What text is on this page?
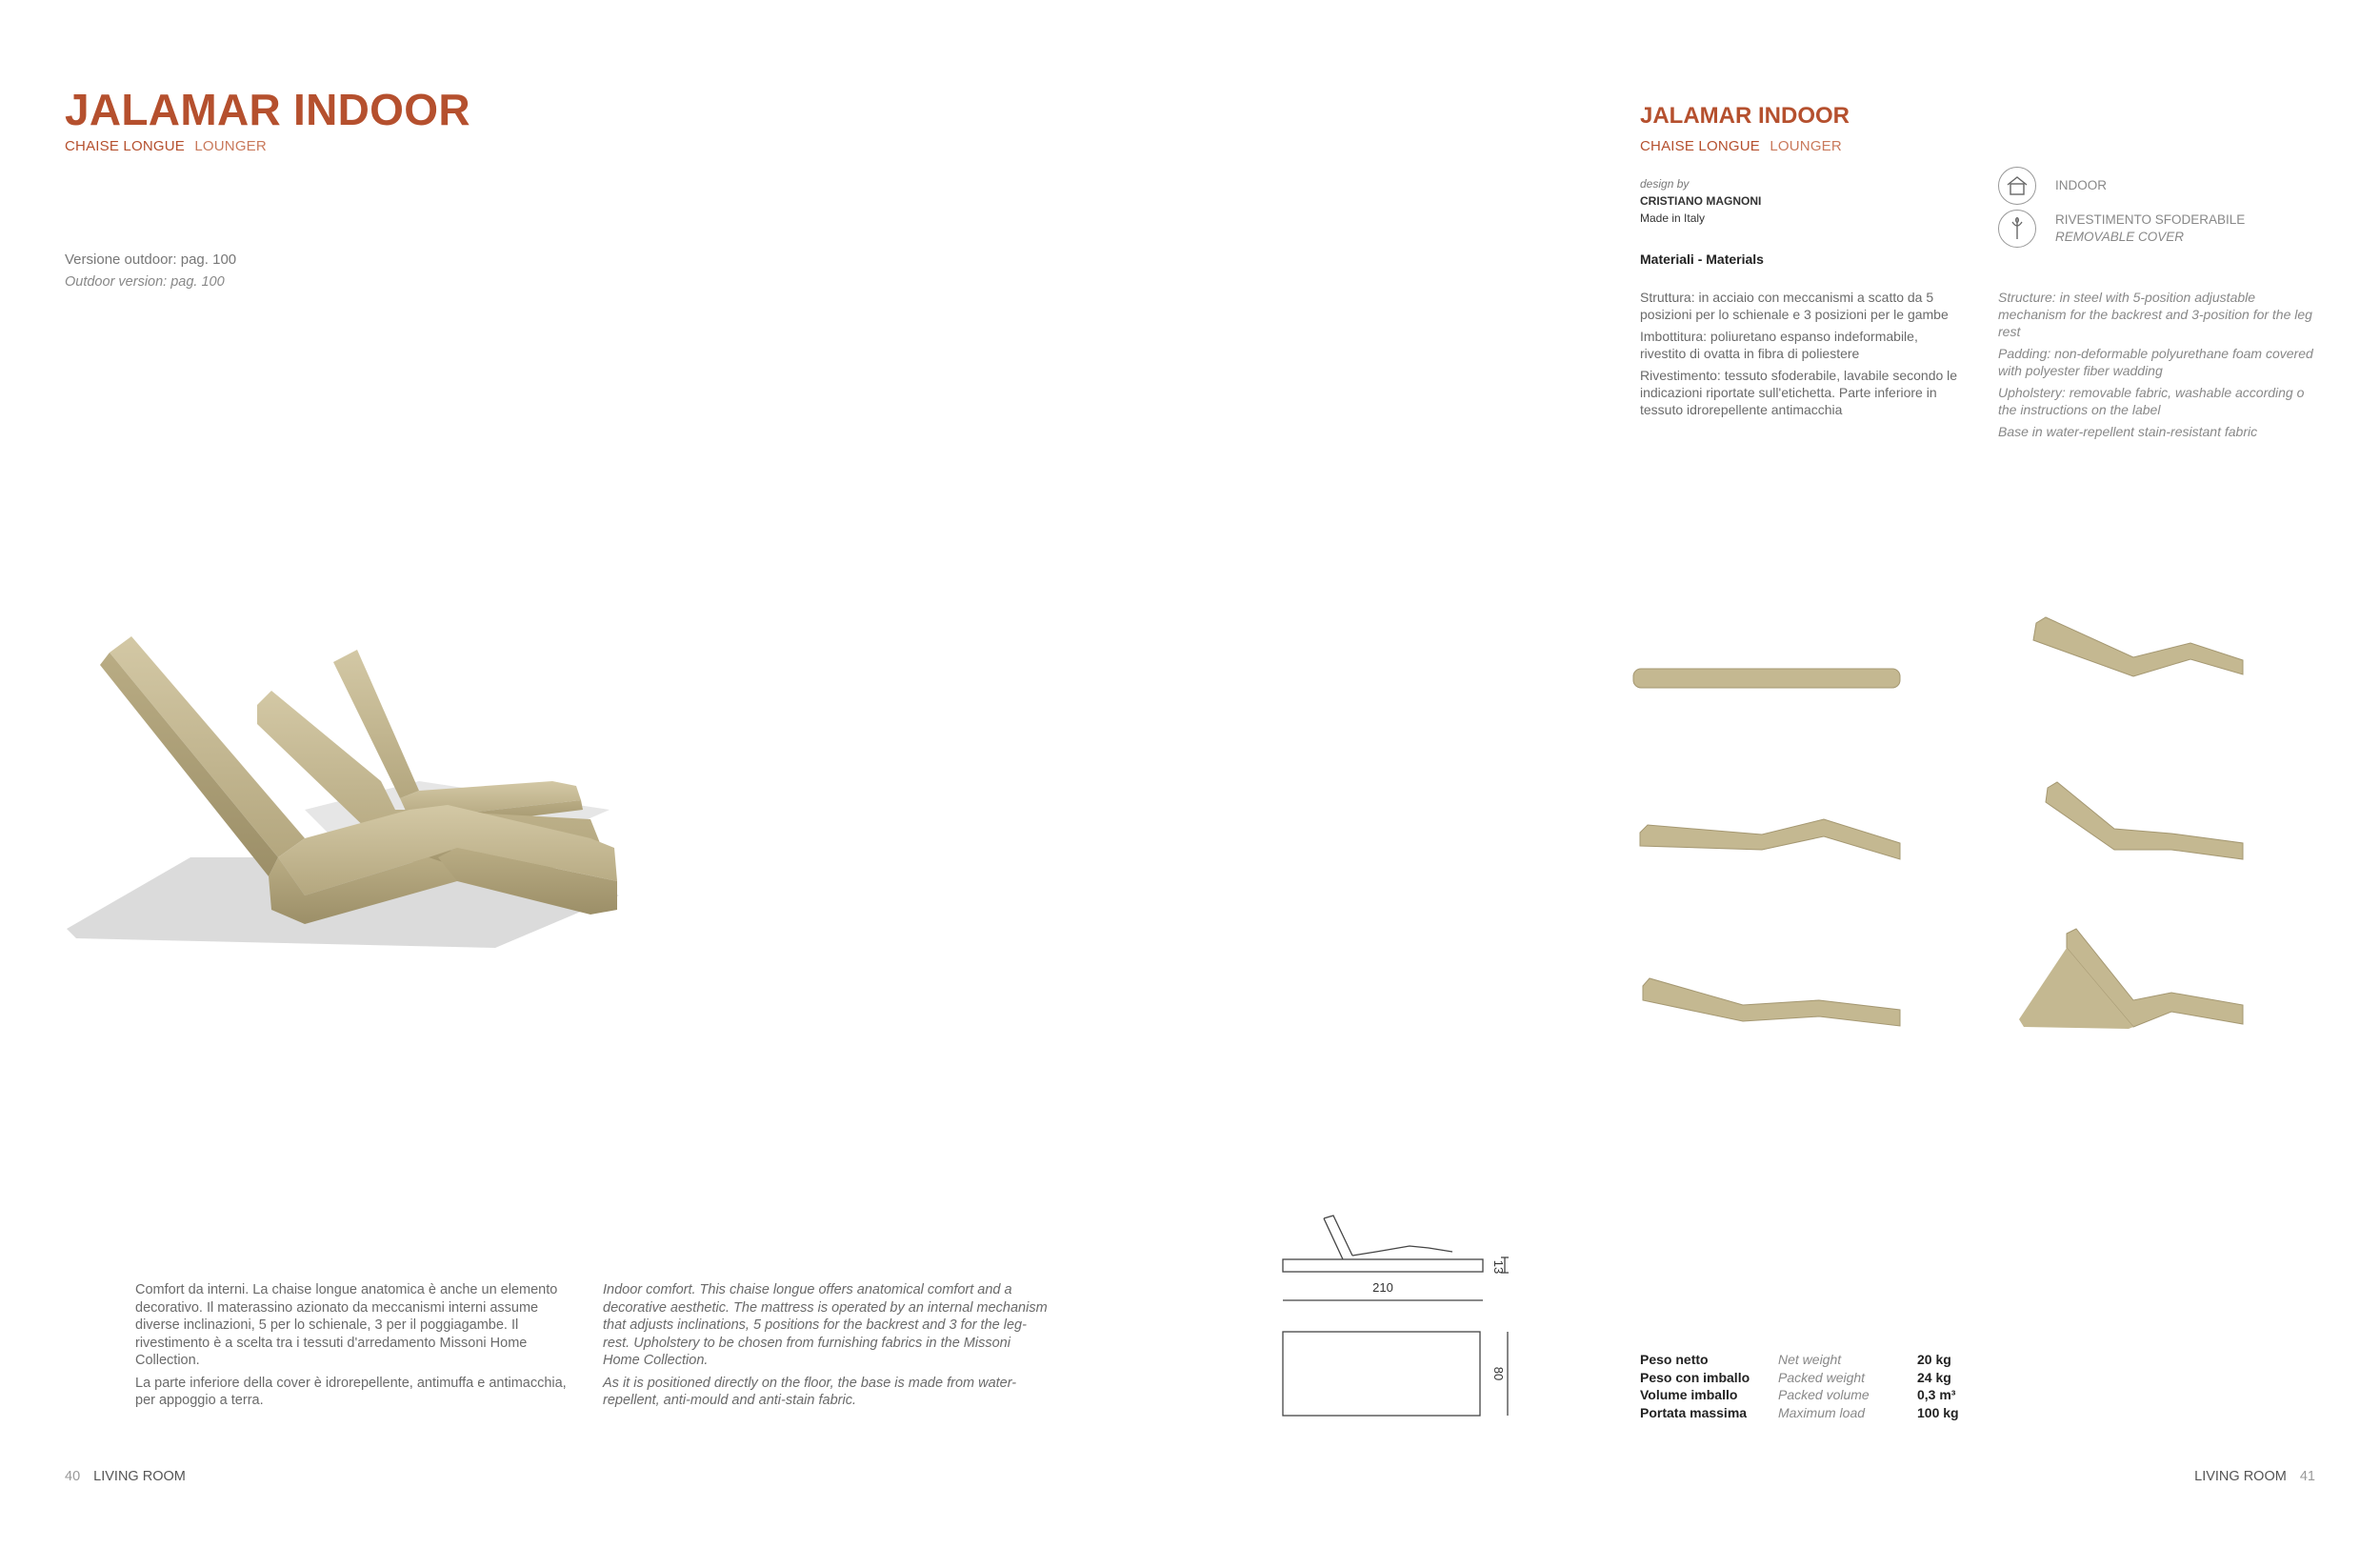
JALAMAR INDOOR
CHAISE LONGUE LOUNGER
Versione outdoor: pag. 100
Outdoor version: pag. 100
210
13
80

Comfort da interni. La chaise longue anatomica è anche un elemento decorativo. Il materassino azionato da meccanismi interni assume diverse inclinazioni, 5 per lo schienale, 3 per il poggiagambe. Il rivestimento è a scelta tra i tessuti d'arredamento Missoni Home Collection.

La parte inferiore della cover è idrorepellente, antimuffa e antimacchia, per appoggio a terra.

Indoor comfort. This chaise longue offers anatomical comfort and a decorative aesthetic. The mattress is operated by an internal mechanism that adjusts inclinations, 5 positions for the backrest and 3 for the leg-rest. Upholstery to be chosen from furnishing fabrics in the Missoni Home Collection.

As it is positioned directly on the floor, the base is made from water-repellent, anti-mould and anti-stain fabric.

40 LIVING ROOM
JALAMAR INDOOR
CHAISE LONGUE LOUNGER
design by
CRISTIANO MAGNONI
Made in Italy
INDOOR
RIVESTIMENTO SFODERABILE
REMOVABLE COVER
Materiali - Materials

Struttura: in acciaio con meccanismi a scatto da 5 posizioni per lo schienale e 3 posizioni per le gambe

Imbottitura: poliuretano espanso indeformabile, rivestito di ovatta in fibra di poliestere

Rivestimento: tessuto sfoderabile, lavabile secondo le indicazioni riportate sull'etichetta. Parte inferiore in tessuto idrorepellente antimacchia

Structure: in steel with 5-position adjustable mechanism for the backrest and 3-position for the leg rest

Padding: non-deformable polyurethane foam covered with polyester fiber wadding

Upholstery: removable fabric, washable according o the instructions on the label

Base in water-repellent stain-resistant fabric

Peso netto	Net weight	20 kg
Peso con imballo	Packed weight	24 kg
Volume imballo	Packed volume	0,3 m³
Portata massima	Maximum load	100 kg
LIVING ROOM 41
